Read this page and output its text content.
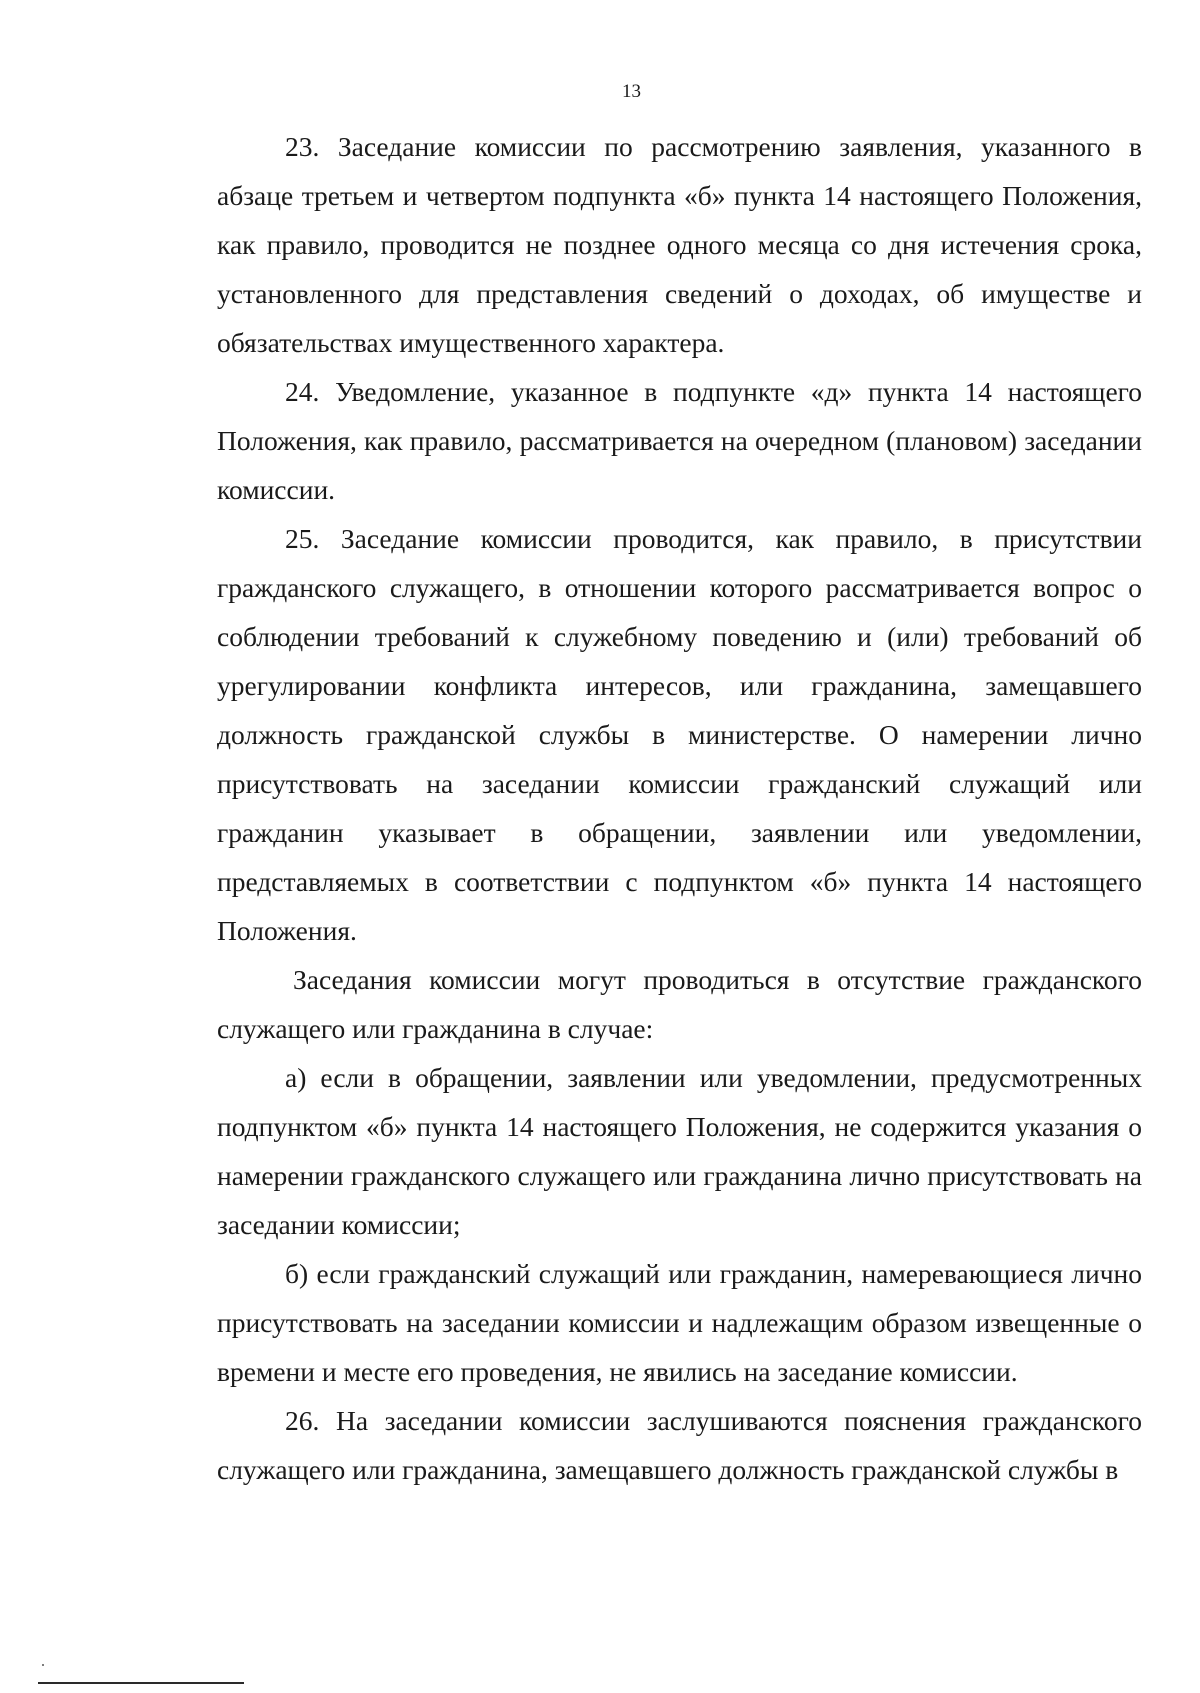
13

23. Заседание комиссии по рассмотрению заявления, указанного в абзаце третьем и четвертом подпункта «б» пункта 14 настоящего Положения, как правило, проводится не позднее одного месяца со дня истечения срока, установленного для представления сведений о доходах, об имуществе и обязательствах имущественного характера.

24. Уведомление, указанное в подпункте «д» пункта 14 настоящего Положения, как правило, рассматривается на очередном (плановом) заседании комиссии.

25. Заседание комиссии проводится, как правило, в присутствии гражданского служащего, в отношении которого рассматривается вопрос о соблюдении требований к служебному поведению и (или) требований об урегулировании конфликта интересов, или гражданина, замещавшего должность гражданской службы в министерстве. О намерении лично присутствовать на заседании комиссии гражданский служащий или гражданин указывает в обращении, заявлении или уведомлении, представляемых в соответствии с подпунктом «б» пункта 14 настоящего Положения.

Заседания комиссии могут проводиться в отсутствие гражданского служащего или гражданина в случае:

а) если в обращении, заявлении или уведомлении, предусмотренных подпунктом «б» пункта 14 настоящего Положения, не содержится указания о намерении гражданского служащего или гражданина лично присутствовать на заседании комиссии;

б) если гражданский служащий или гражданин, намеревающиеся лично присутствовать на заседании комиссии и надлежащим образом извещенные о времени и месте его проведения, не явились на заседание комиссии.

26. На заседании комиссии заслушиваются пояснения гражданского служащего или гражданина, замещавшего должность гражданской службы в
